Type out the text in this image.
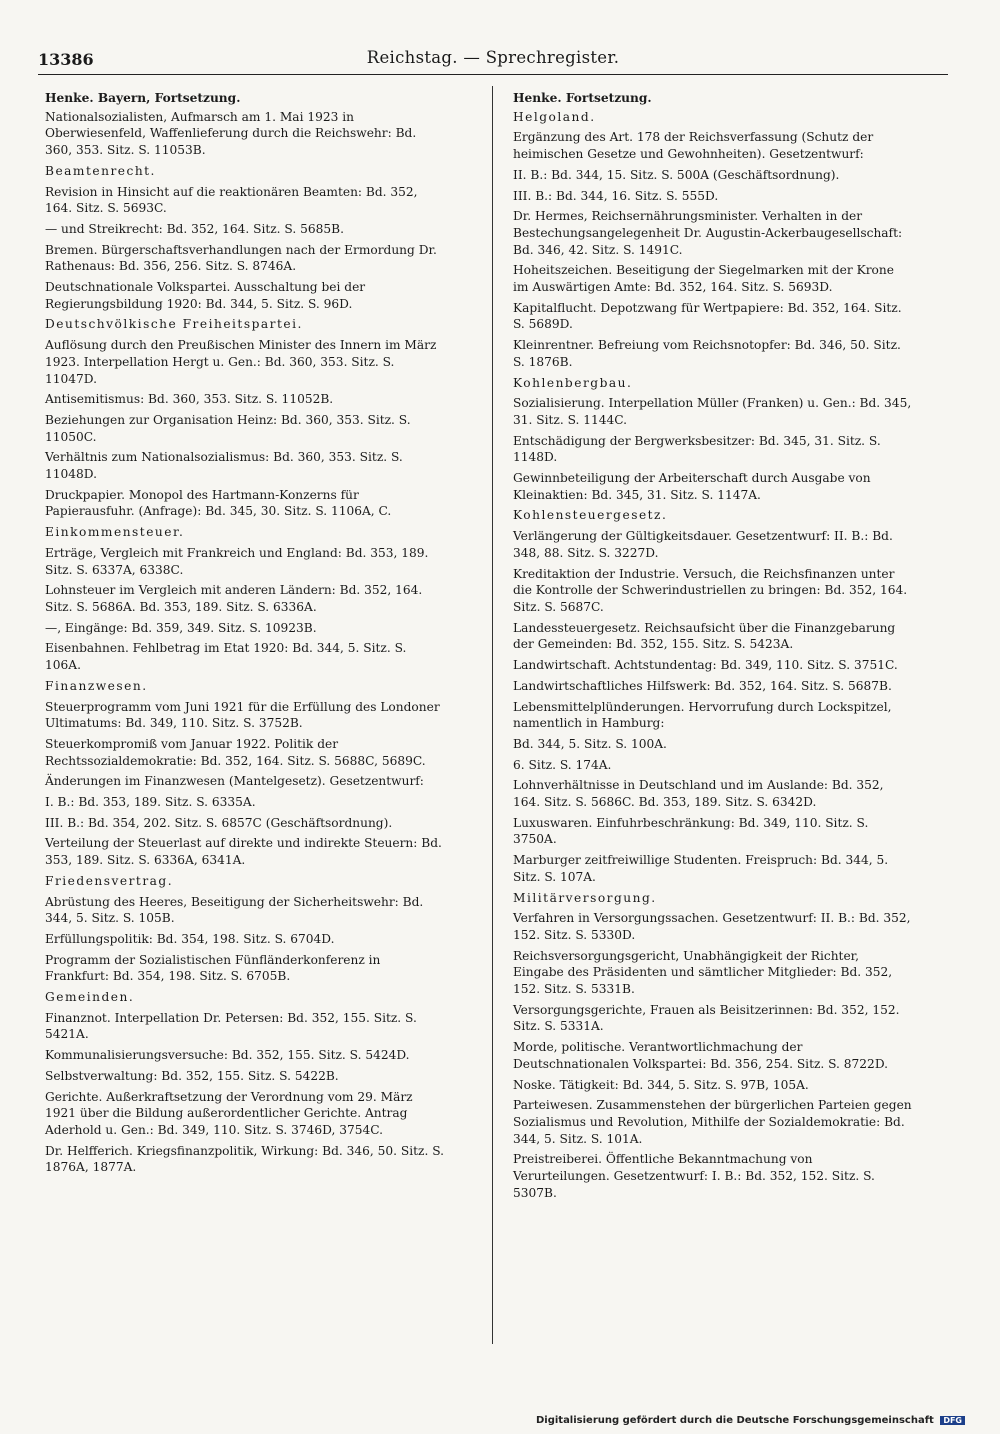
13386	Reichstag. — Sprechregister.
Henke. Bayern, Fortsetzung.
Nationalsozialisten, Aufmarsch am 1. Mai 1923 in Oberwiesenfeld, Waffenlieferung durch die Reichswehr: Bd. 360, 353. Sitz. S. 11053B.
Beamtenrecht.
Revision in Hinsicht auf die reaktionären Beamten: Bd. 352, 164. Sitz. S. 5693C.
— und Streikrecht: Bd. 352, 164. Sitz. S. 5685B.
Bremen. Bürgerschaftsverhandlungen nach der Ermordung Dr. Rathenaus: Bd. 356, 256. Sitz. S. 8746A.
Deutschnationale Volkspartei. Ausschaltung bei der Regierungsbildung 1920: Bd. 344, 5. Sitz. S. 96D.
Deutschvölkische Freiheitspartei.
Auflösung durch den Preußischen Minister des Innern im März 1923. Interpellation Hergt u. Gen.: Bd. 360, 353. Sitz. S. 11047D.
Antisemitismus: Bd. 360, 353. Sitz. S. 11052B.
Beziehungen zur Organisation Heinz: Bd. 360, 353. Sitz. S. 11050C.
Verhältnis zum Nationalsozialismus: Bd. 360, 353. Sitz. S. 11048D.
Druckpapier. Monopol des Hartmann-Konzerns für Papierausfuhr. (Anfrage): Bd. 345, 30. Sitz. S. 1106A, C.
Einkommensteuer.
Erträge, Vergleich mit Frankreich und England: Bd. 353, 189. Sitz. S. 6337A, 6338C.
Lohnsteuer im Vergleich mit anderen Ländern: Bd. 352, 164. Sitz. S. 5686A. Bd. 353, 189. Sitz. S. 6336A.
—, Eingänge: Bd. 359, 349. Sitz. S. 10923B.
Eisenbahnen. Fehlbetrag im Etat 1920: Bd. 344, 5. Sitz. S. 106A.
Finanzwesen.
Steuerprogramm vom Juni 1921 für die Erfüllung des Londoner Ultimatums: Bd. 349, 110. Sitz. S. 3752B.
Steuerkompromiß vom Januar 1922. Politik der Rechtssozialdemokratie: Bd. 352, 164. Sitz. S. 5688C, 5689C.
Änderungen im Finanzwesen (Mantelgesetz). Gesetzentwurf:
I. B.: Bd. 353, 189. Sitz. S. 6335A.
III. B.: Bd. 354, 202. Sitz. S. 6857C (Geschäftsordnung).
Verteilung der Steuerlast auf direkte und indirekte Steuern: Bd. 353, 189. Sitz. S. 6336A, 6341A.
Friedensvertrag.
Abrüstung des Heeres, Beseitigung der Sicherheitswehr: Bd. 344, 5. Sitz. S. 105B.
Erfüllungspolitik: Bd. 354, 198. Sitz. S. 6704D.
Programm der Sozialistischen Fünfländerkonferenz in Frankfurt: Bd. 354, 198. Sitz. S. 6705B.
Gemeinden.
Finanznot. Interpellation Dr. Petersen: Bd. 352, 155. Sitz. S. 5421A.
Kommunalisierungsversuche: Bd. 352, 155. Sitz. S. 5424D.
Selbstverwaltung: Bd. 352, 155. Sitz. S. 5422B.
Gerichte. Außerkraftsetzung der Verordnung vom 29. März 1921 über die Bildung außerordentlicher Gerichte. Antrag Aderhold u. Gen.: Bd. 349, 110. Sitz. S. 3746D, 3754C.
Dr. Helfferich. Kriegsfinanzpolitik, Wirkung: Bd. 346, 50. Sitz. S. 1876A, 1877A.
Henke. Fortsetzung.
Helgoland.
Ergänzung des Art. 178 der Reichsverfassung (Schutz der heimischen Gesetze und Gewohnheiten). Gesetzentwurf:
II. B.: Bd. 344, 15. Sitz. S. 500A (Geschäftsordnung).
III. B.: Bd. 344, 16. Sitz. S. 555D.
Dr. Hermes, Reichsernährungsminister. Verhalten in der Bestechungsangelegenheit Dr. Augustin-Ackerbaugesellschaft: Bd. 346, 42. Sitz. S. 1491C.
Hoheitszeichen. Beseitigung der Siegelmarken mit der Krone im Auswärtigen Amte: Bd. 352, 164. Sitz. S. 5693D.
Kapitalflucht. Depotzwang für Wertpapiere: Bd. 352, 164. Sitz. S. 5689D.
Kleinrentner. Befreiung vom Reichsnotopfer: Bd. 346, 50. Sitz. S. 1876B.
Kohlenbergbau.
Sozialisierung. Interpellation Müller (Franken) u. Gen.: Bd. 345, 31. Sitz. S. 1144C.
Entschädigung der Bergwerksbesitzer: Bd. 345, 31. Sitz. S. 1148D.
Gewinnbeteiligung der Arbeiterschaft durch Ausgabe von Kleinaktien: Bd. 345, 31. Sitz. S. 1147A.
Kohlensteuergesetz.
Verlängerung der Gültigkeitsdauer. Gesetzentwurf: II. B.: Bd. 348, 88. Sitz. S. 3227D.
Kreditaktion der Industrie. Versuch, die Reichsfinanzen unter die Kontrolle der Schwerindustriellen zu bringen: Bd. 352, 164. Sitz. S. 5687C.
Landessteuergesetz. Reichsaufsicht über die Finanzgebarung der Gemeinden: Bd. 352, 155. Sitz. S. 5423A.
Landwirtschaft. Achtstundentag: Bd. 349, 110. Sitz. S. 3751C.
Landwirtschaftliches Hilfswerk: Bd. 352, 164. Sitz. S. 5687B.
Lebensmittelplünderungen. Hervorrufung durch Lockspitzel, namentlich in Hamburg:
Bd. 344, 5. Sitz. S. 100A.
6. Sitz. S. 174A.
Lohnverhältnisse in Deutschland und im Auslande: Bd. 352, 164. Sitz. S. 5686C. Bd. 353, 189. Sitz. S. 6342D.
Luxuswaren. Einfuhrbeschränkung: Bd. 349, 110. Sitz. S. 3750A.
Marburger zeitfreiwillige Studenten. Freispruch: Bd. 344, 5. Sitz. S. 107A.
Militärversorgung.
Verfahren in Versorgungssachen. Gesetzentwurf: II. B.: Bd. 352, 152. Sitz. S. 5330D.
Reichsversorgungsgericht, Unabhängigkeit der Richter, Eingabe des Präsidenten und sämtlicher Mitglieder: Bd. 352, 152. Sitz. S. 5331B.
Versorgungsgerichte, Frauen als Beisitzerinnen: Bd. 352, 152. Sitz. S. 5331A.
Morde, politische. Verantwortlichmachung der Deutschnationalen Volkspartei: Bd. 356, 254. Sitz. S. 8722D.
Noske. Tätigkeit: Bd. 344, 5. Sitz. S. 97B, 105A.
Parteiwesen. Zusammenstehen der bürgerlichen Parteien gegen Sozialismus und Revolution, Mithilfe der Sozialdemokratie: Bd. 344, 5. Sitz. S. 101A.
Preistreiberei. Öffentliche Bekanntmachung von Verurteilungen. Gesetzentwurf: I. B.: Bd. 352, 152. Sitz. S. 5307B.
Digitalisierung gefördert durch die Deutsche Forschungsgemeinschaft DFG
